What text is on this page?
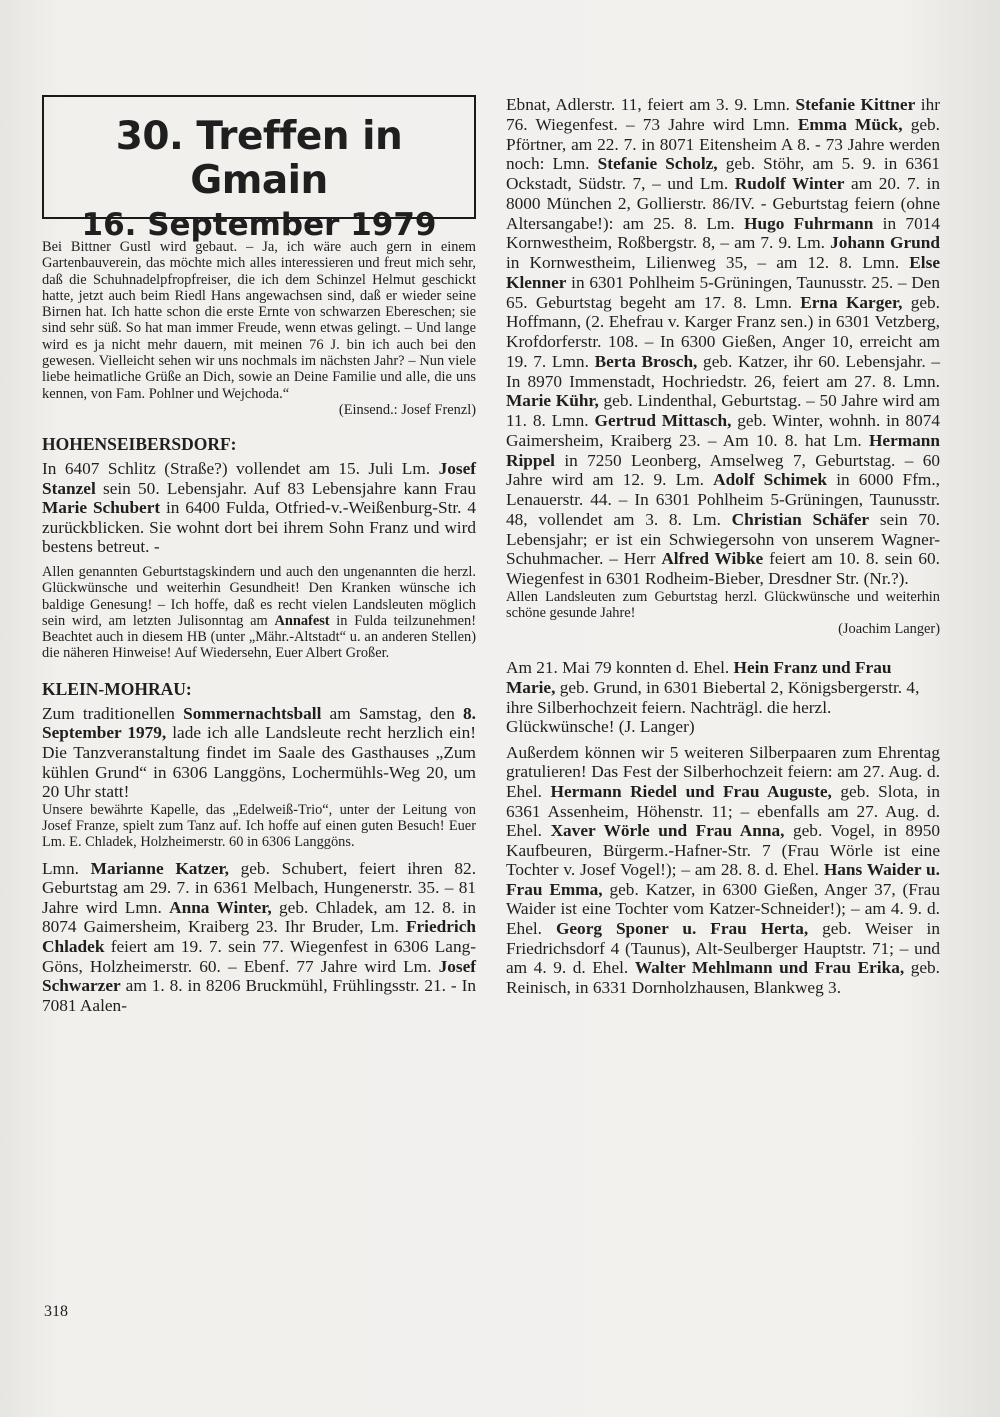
30. Treffen in Gmain
16. September 1979

Bei Bittner Gustl wird gebaut. – Ja, ich wäre auch gern in einem Gartenbauverein, das möchte mich alles interessieren und freut mich sehr, daß die Schuhnadelpfropfreiser, die ich dem Schinzel Helmut geschickt hatte, jetzt auch beim Riedl Hans angewachsen sind, daß er wieder seine Birnen hat. Ich hatte schon die erste Ernte von schwarzen Ebereschen; sie sind sehr süß. So hat man immer Freude, wenn etwas gelingt. – Und lange wird es ja nicht mehr dauern, mit meinen 76 J. bin ich auch bei den gewesen. Vielleicht sehen wir uns nochmals im nächsten Jahr? – Nun viele liebe heimatliche Grüße an Dich, sowie an Deine Familie und alle, die uns kennen, von Fam. Pohlner und Wejchoda.“

(Einsend.: Josef Frenzl)

HOHENSEIBERSDORF:

In 6407 Schlitz (Straße?) vollendet am 15. Juli Lm. Josef Stanzel sein 50. Lebensjahr. Auf 83 Lebensjahre kann Frau Marie Schubert in 6400 Fulda, Otfried-v.-Weißenburg-Str. 4 zurückblicken. Sie wohnt dort bei ihrem Sohn Franz und wird bestens betreut. -

Allen genannten Geburtstagskindern und auch den ungenannten die herzl. Glückwünsche und weiterhin Gesundheit! Den Kranken wünsche ich baldige Genesung! – Ich hoffe, daß es recht vielen Landsleuten möglich sein wird, am letzten Julisonntag am Annafest in Fulda teilzunehmen! Beachtet auch in diesem HB (unter „Mähr.-Altstadt“ u. an anderen Stellen) die näheren Hinweise! Auf Wiedersehn, Euer Albert Großer.

KLEIN-MOHRAU:

Zum traditionellen Sommernachtsball am Samstag, den 8. September 1979, lade ich alle Landsleute recht herzlich ein! Die Tanzveranstaltung findet im Saale des Gasthauses „Zum kühlen Grund“ in 6306 Langgöns, Lochermühls-Weg 20, um 20 Uhr statt!

Unsere bewährte Kapelle, das „Edelweiß-Trio“, unter der Leitung von Josef Franze, spielt zum Tanz auf. Ich hoffe auf einen guten Besuch! Euer Lm. E. Chladek, Holzheimerstr. 60 in 6306 Langgöns.

Lmn. Marianne Katzer, geb. Schubert, feiert ihren 82. Geburtstag am 29. 7. in 6361 Melbach, Hungenerstr. 35. – 81 Jahre wird Lmn. Anna Winter, geb. Chladek, am 12. 8. in 8074 Gaimersheim, Kraiberg 23. Ihr Bruder, Lm. Friedrich Chladek feiert am 19. 7. sein 77. Wiegenfest in 6306 Lang-Göns, Holzheimerstr. 60. – Ebenf. 77 Jahre wird Lm. Josef Schwarzer am 1. 8. in 8206 Bruckmühl, Frühlingsstr. 21. - In 7081 Aalen-

Ebnat, Adlerstr. 11, feiert am 3. 9. Lmn. Stefanie Kittner ihr 76. Wiegenfest. – 73 Jahre wird Lmn. Emma Mück, geb. Pförtner, am 22. 7. in 8071 Eitensheim A 8. - 73 Jahre werden noch: Lmn. Stefanie Scholz, geb. Stöhr, am 5. 9. in 6361 Ockstadt, Südstr. 7, – und Lm. Rudolf Winter am 20. 7. in 8000 München 2, Gollierstr. 86/IV. - Geburtstag feiern (ohne Altersangabe!): am 25. 8. Lm. Hugo Fuhrmann in 7014 Kornwestheim, Roßbergstr. 8, – am 7. 9. Lm. Johann Grund in Kornwestheim, Lilienweg 35, – am 12. 8. Lmn. Else Klenner in 6301 Pohlheim 5-Grüningen, Taunusstr. 25. – Den 65. Geburtstag begeht am 17. 8. Lmn. Erna Karger, geb. Hoffmann, (2. Ehefrau v. Karger Franz sen.) in 6301 Vetzberg, Krofdorferstr. 108. – In 6300 Gießen, Anger 10, erreicht am 19. 7. Lmn. Berta Brosch, geb. Katzer, ihr 60. Lebensjahr. – In 8970 Immenstadt, Hochriedstr. 26, feiert am 27. 8. Lmn. Marie Kühr, geb. Lindenthal, Geburtstag. – 50 Jahre wird am 11. 8. Lmn. Gertrud Mittasch, geb. Winter, wohnh. in 8074 Gaimersheim, Kraiberg 23. – Am 10. 8. hat Lm. Hermann Rippel in 7250 Leonberg, Amselweg 7, Geburtstag. – 60 Jahre wird am 12. 9. Lm. Adolf Schimek in 6000 Ffm., Lenauerstr. 44. – In 6301 Pohlheim 5-Grüningen, Taunusstr. 48, vollendet am 3. 8. Lm. Christian Schäfer sein 70. Lebensjahr; er ist ein Schwiegersohn von unserem Wagner-Schuhmacher. – Herr Alfred Wibke feiert am 10. 8. sein 60. Wiegenfest in 6301 Rodheim-Bieber, Dresdner Str. (Nr.?).

Allen Landsleuten zum Geburtstag herzl. Glückwünsche und weiterhin schöne gesunde Jahre!

(Joachim Langer)

Am 21. Mai 79 konnten d. Ehel. Hein Franz und Frau Marie, geb. Grund, in 6301 Biebertal 2, Königsbergerstr. 4, ihre Silberhochzeit feiern. Nachträgl. die herzl. Glückwünsche! (J. Langer)

Außerdem können wir 5 weiteren Silberpaaren zum Ehrentag gratulieren! Das Fest der Silberhochzeit feiern: am 27. Aug. d. Ehel. Hermann Riedel und Frau Auguste, geb. Slota, in 6361 Assenheim, Höhenstr. 11; – ebenfalls am 27. Aug. d. Ehel. Xaver Wörle und Frau Anna, geb. Vogel, in 8950 Kaufbeuren, Bürgerm.-Hafner-Str. 7 (Frau Wörle ist eine Tochter v. Josef Vogel!); – am 28. 8. d. Ehel. Hans Waider u. Frau Emma, geb. Katzer, in 6300 Gießen, Anger 37, (Frau Waider ist eine Tochter vom Katzer-Schneider!); – am 4. 9. d. Ehel. Georg Sponer u. Frau Herta, geb. Weiser in Friedrichsdorf 4 (Taunus), Alt-Seulberger Hauptstr. 71; – und am 4. 9. d. Ehel. Walter Mehlmann und Frau Erika, geb. Reinisch, in 6331 Dornholzhausen, Blankweg 3.

318
